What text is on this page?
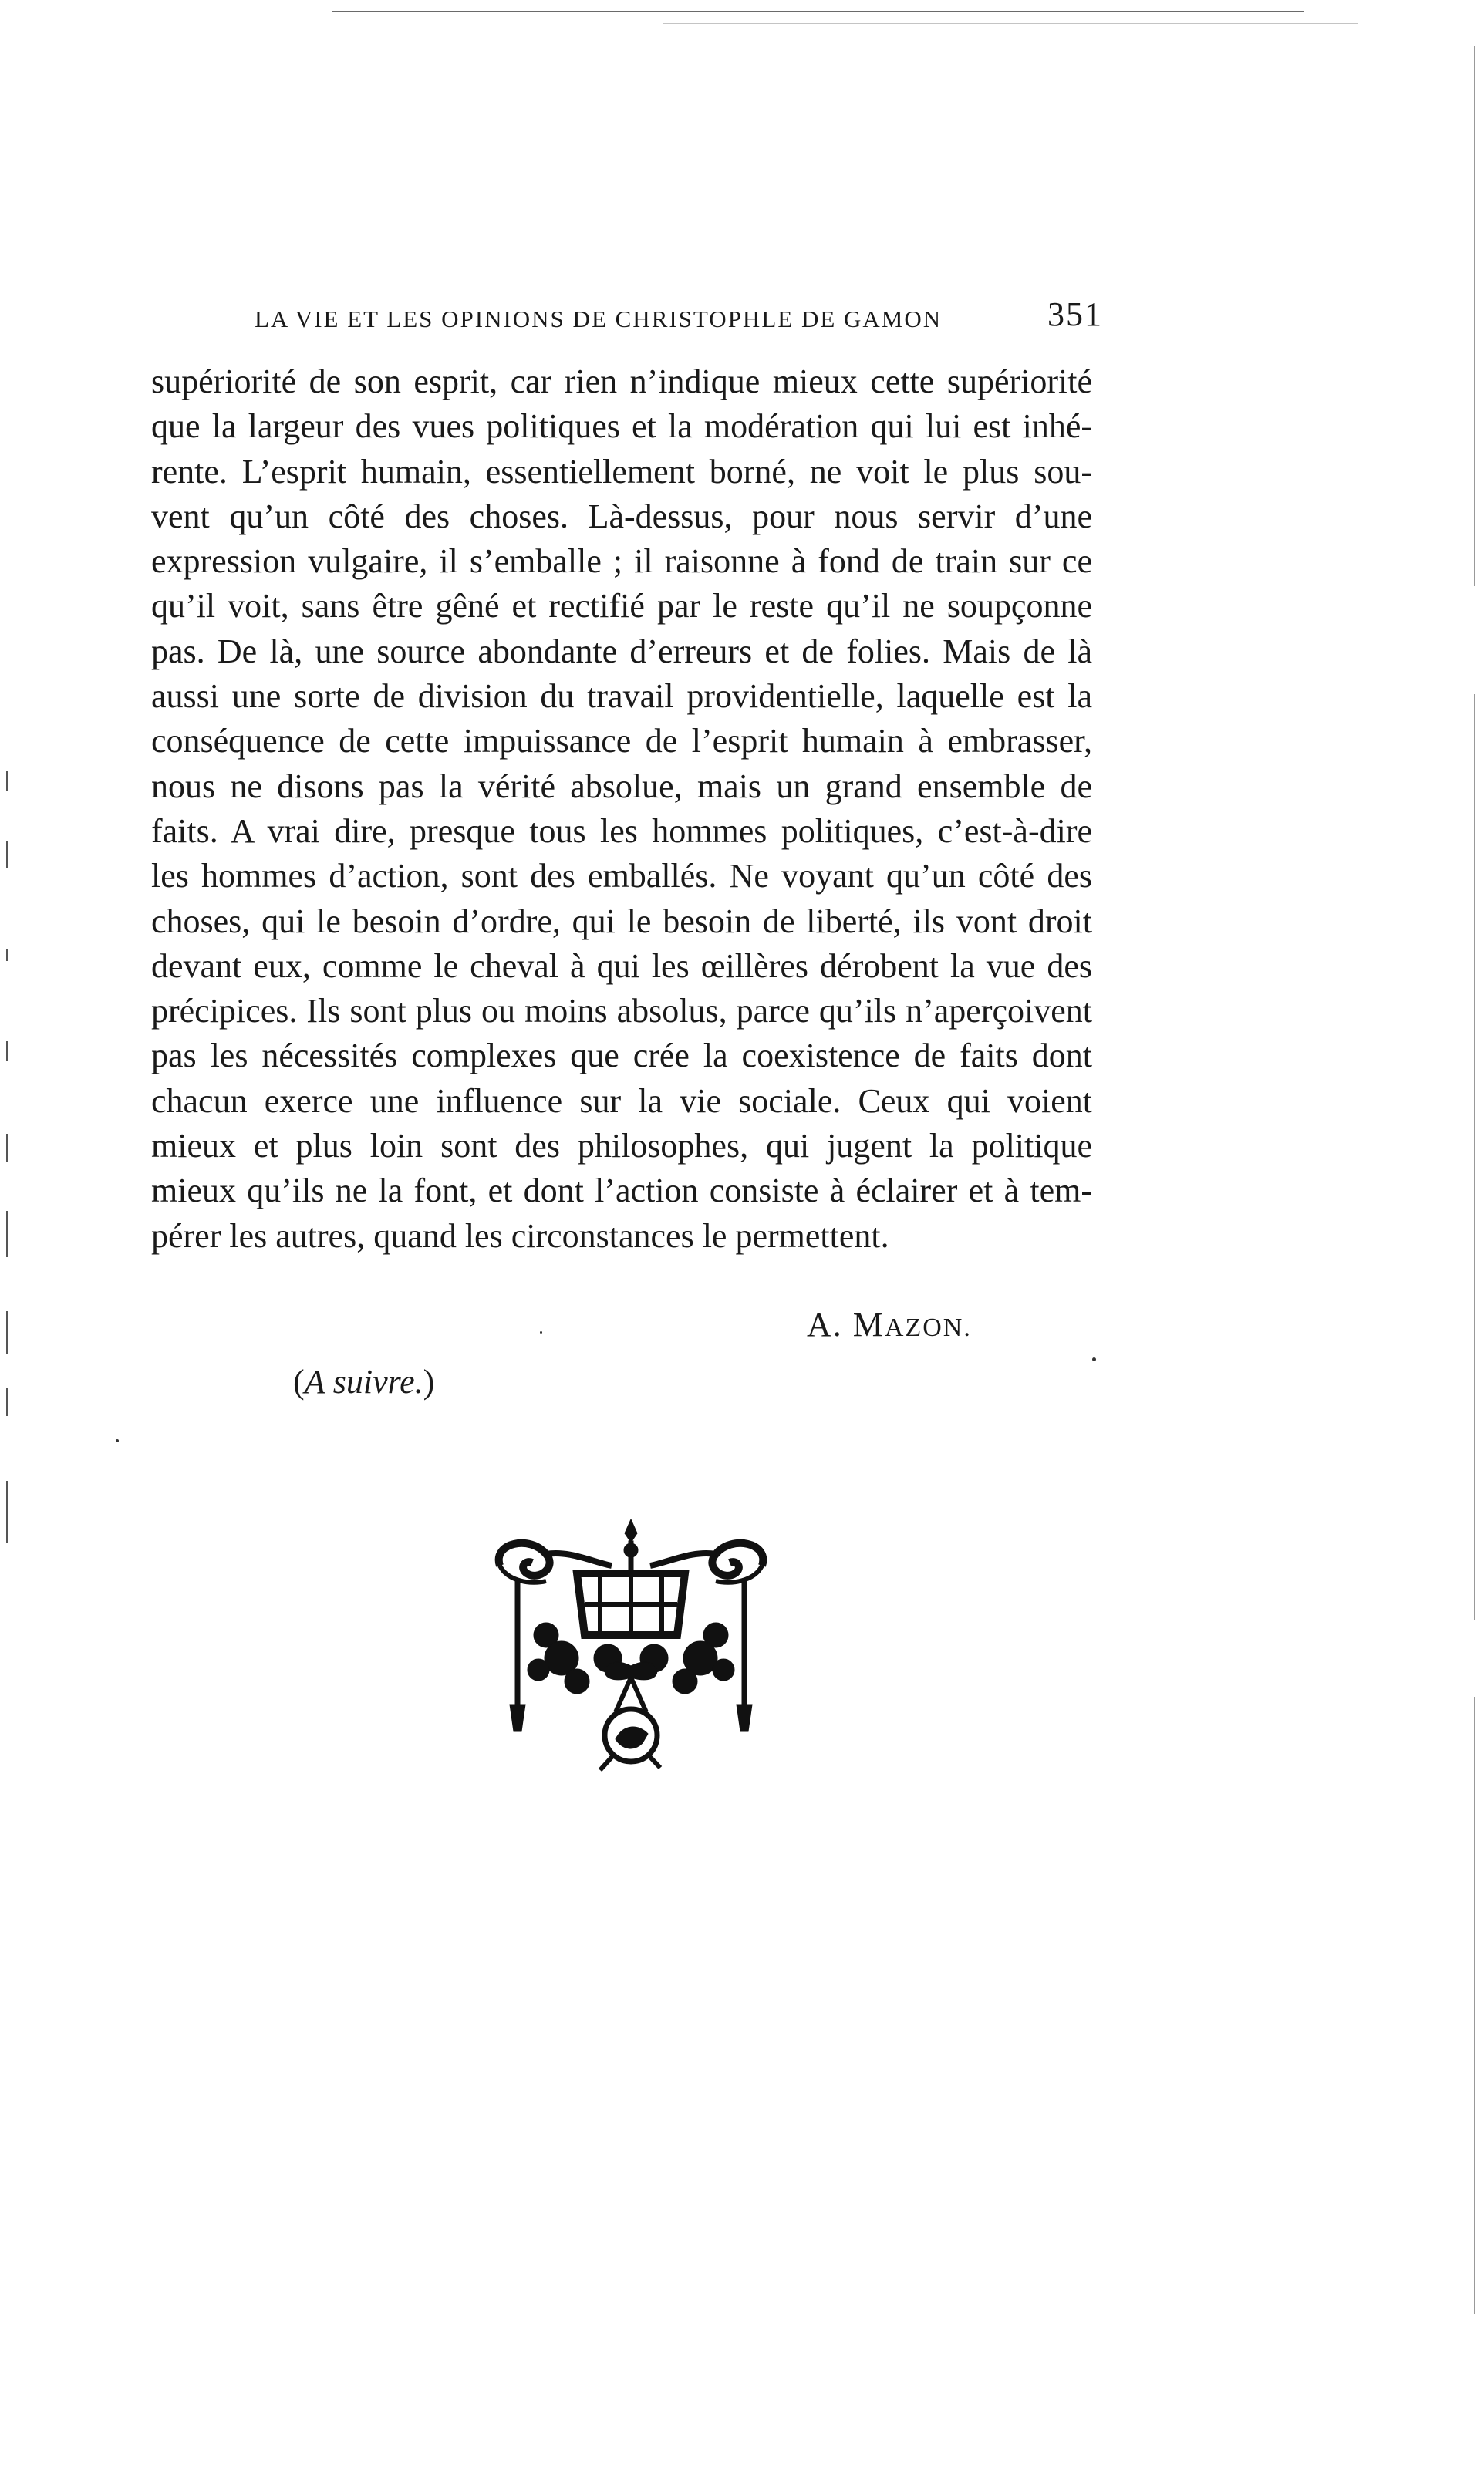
LA VIE ET LES OPINIONS DE CHRISTOPHLE DE GAMON	351
supériorité de son esprit, car rien n’indique mieux cette supériorité
que la largeur des vues politiques et la modération qui lui est inhé-
rente. L’esprit humain, essentiellement borné, ne voit le plus sou-
vent qu’un côté des choses. Là-dessus, pour nous servir d’une
expression vulgaire, il s’emballe ; il raisonne à fond de train sur ce
qu’il voit, sans être gêné et rectifié par le reste qu’il ne soupçonne
pas. De là, une source abondante d’erreurs et de folies. Mais de là
aussi une sorte de division du travail providentielle, laquelle est la
conséquence de cette impuissance de l’esprit humain à embrasser,
nous ne disons pas la vérité absolue, mais un grand ensemble de
faits. A vrai dire, presque tous les hommes politiques, c’est-à-dire
les hommes d’action, sont des emballés. Ne voyant qu’un côté des
choses, qui le besoin d’ordre, qui le besoin de liberté, ils vont droit
devant eux, comme le cheval à qui les œillères dérobent la vue des
précipices. Ils sont plus ou moins absolus, parce qu’ils n’aperçoivent
pas les nécessités complexes que crée la coexistence de faits dont
chacun exerce une influence sur la vie sociale. Ceux qui voient
mieux et plus loin sont des philosophes, qui jugent la politique
mieux qu’ils ne la font, et dont l’action consiste à éclairer et à tem-
pérer les autres, quand les circonstances le permettent.
A. MAZON.
(A suivre.)
